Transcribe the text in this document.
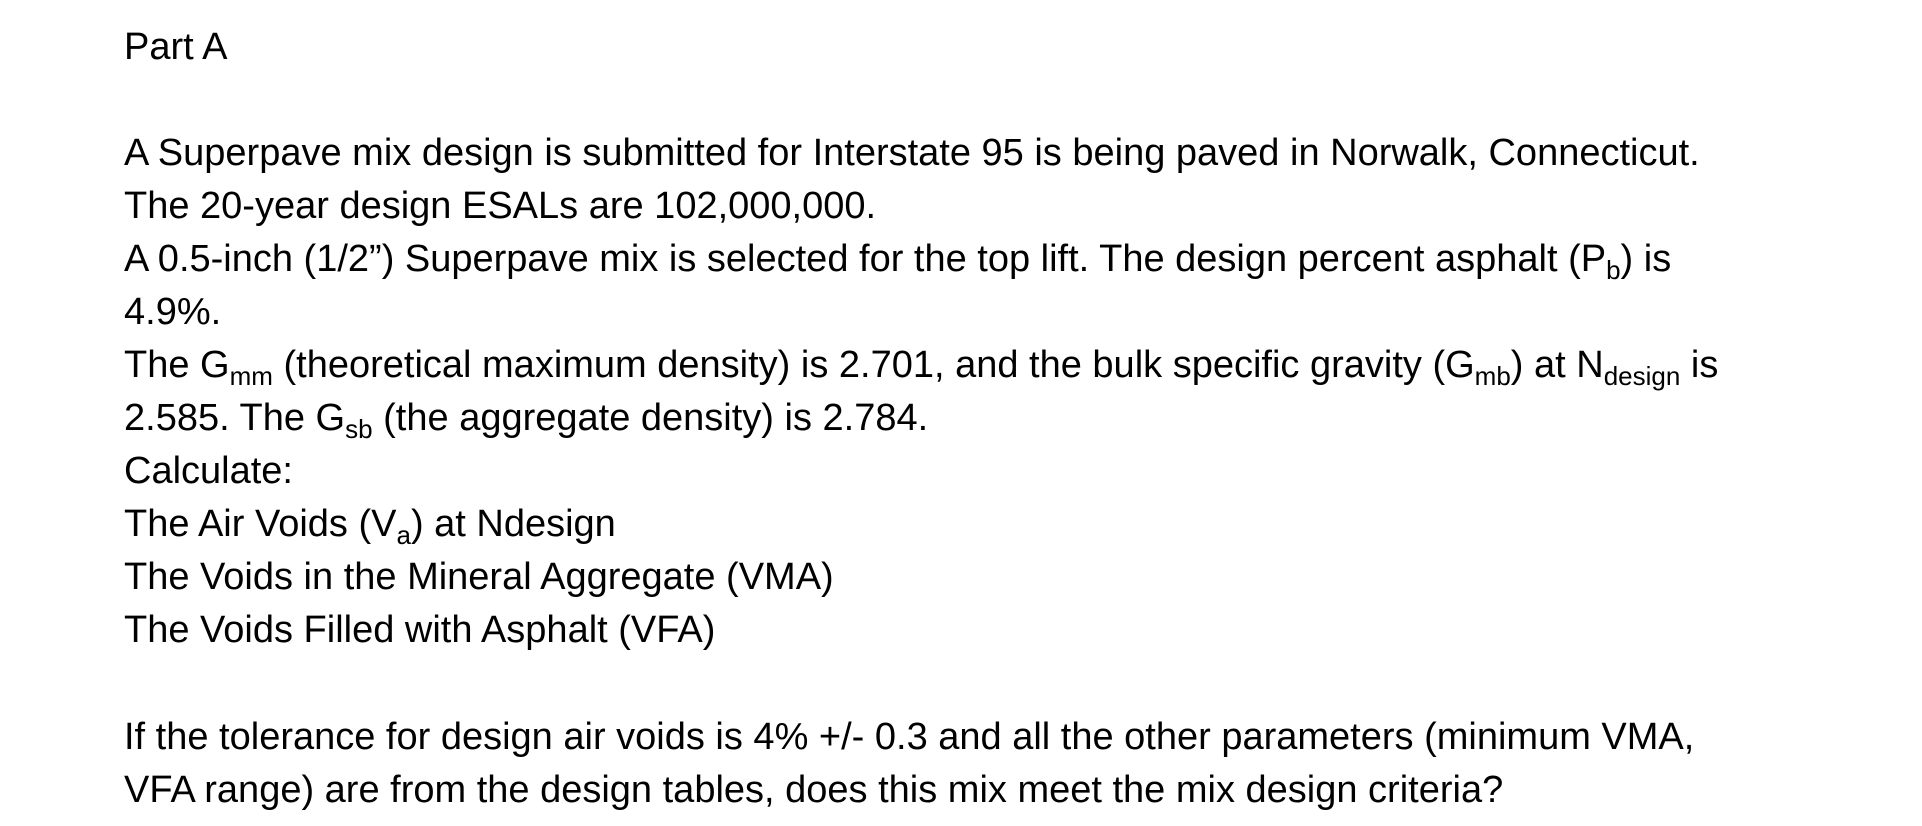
Part A
A Superpave mix design is submitted for Interstate 95 is being paved in Norwalk, Connecticut.
The 20-year design ESALs are 102,000,000.
A 0.5-inch (1/2”) Superpave mix is selected for the top lift. The design percent asphalt $(P_b)$ is
4.9%.
The $G_{mm}$ (theoretical maximum density) is 2.701, and the bulk specific gravity $(G_{mb})$ at $N_{design}$ is
2.585. The $G_{sb}$ (the aggregate density) is 2.784.
Calculate:
The Air Voids $(V_a)$ at Ndesign
The Voids in the Mineral Aggregate (VMA)
The Voids Filled with Asphalt (VFA)
If the tolerance for design air voids is 4% +/- 0.3 and all the other parameters (minimum VMA,
VFA range) are from the design tables, does this mix meet the mix design criteria?
